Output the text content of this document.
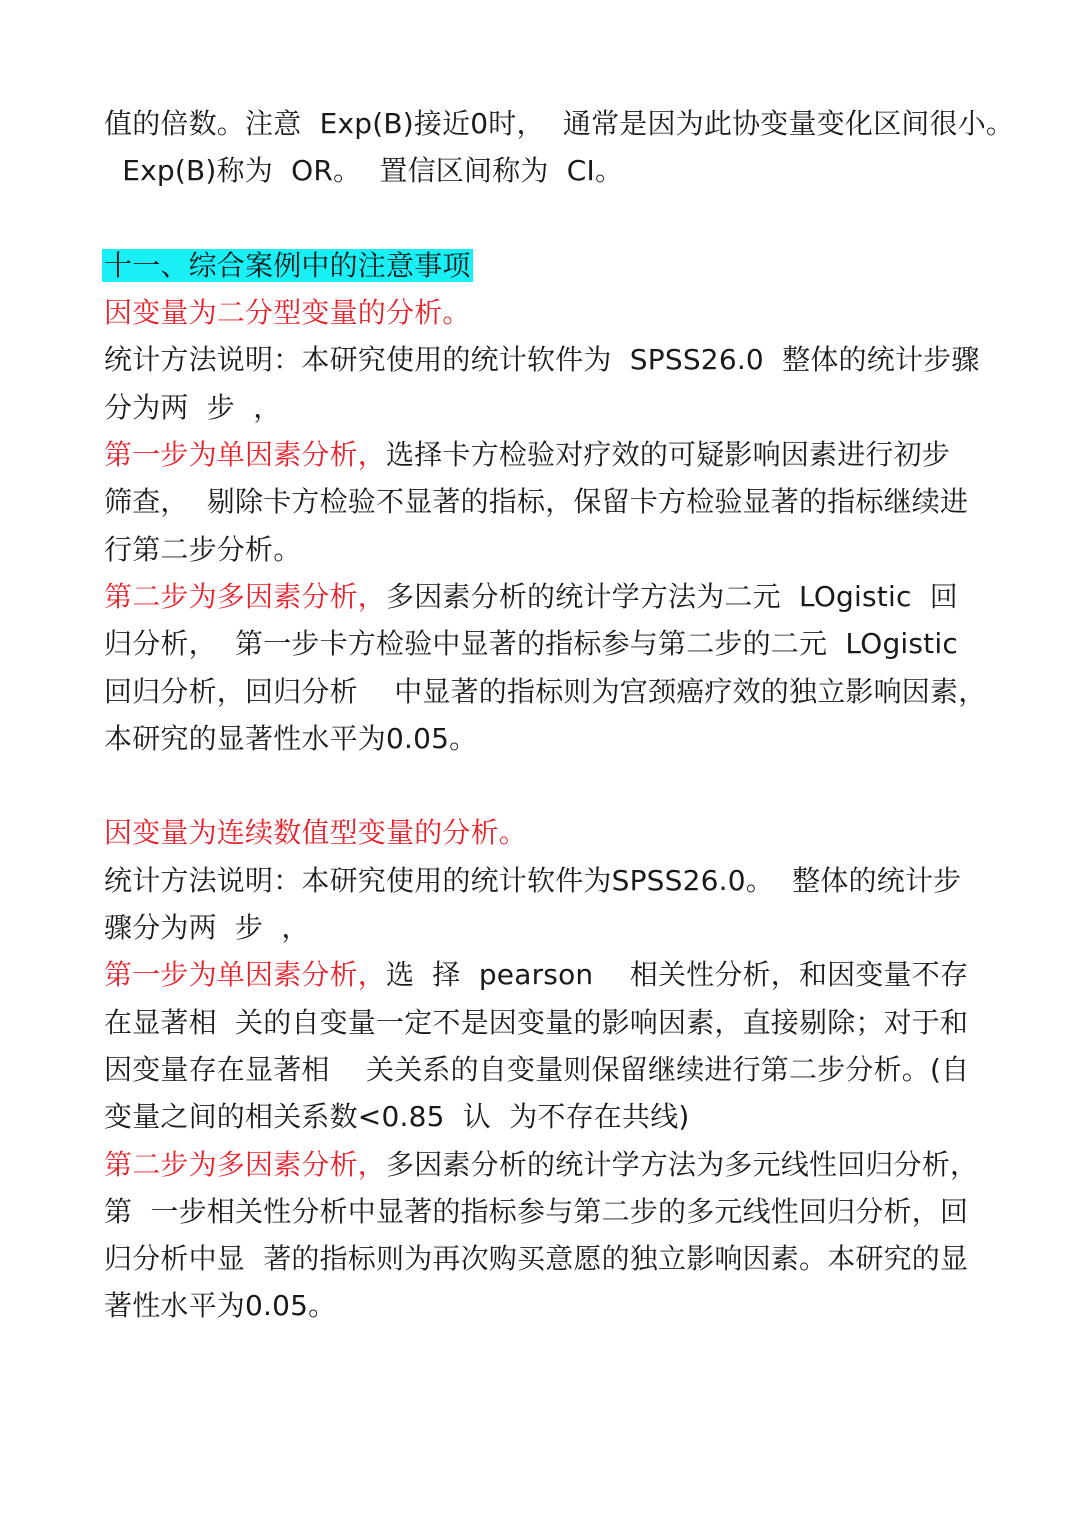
值的倍数。注意  Exp(B)接近0时，  通常是因为此协变量变化区间很小。
Exp(B)称为  OR。  置信区间称为  CI。
十一、综合案例中的注意事项
因变量为二分型变量的分析。
统计方法说明：本研究使用的统计软件为  SPSS26.0  整体的统计步骤
分为两  步  ，
第一步为单因素分析，选择卡方检验对疗效的可疑影响因素进行初步
筛查，  剔除卡方检验不显著的指标，保留卡方检验显著的指标继续进
行第二步分析。
第二步为多因素分析，多因素分析的统计学方法为二元  LOgistic  回
归分析，  第一步卡方检验中显著的指标参与第二步的二元  LOgistic
回归分析，回归分析    中显著的指标则为宫颈癌疗效的独立影响因素，
本研究的显著性水平为0.05。
因变量为连续数值型变量的分析。
统计方法说明：本研究使用的统计软件为SPSS26.0。  整体的统计步
骤分为两  步  ，
第一步为单因素分析，选  择  pearson    相关性分析，和因变量不存
在显著相  关的自变量一定不是因变量的影响因素，直接剔除；对于和
因变量存在显著相    关关系的自变量则保留继续进行第二步分析。(自
变量之间的相关系数<0.85  认  为不存在共线)
第二步为多因素分析，多因素分析的统计学方法为多元线性回归分析，
第  一步相关性分析中显著的指标参与第二步的多元线性回归分析，回
归分析中显  著的指标则为再次购买意愿的独立影响因素。本研究的显
著性水平为0.05。
